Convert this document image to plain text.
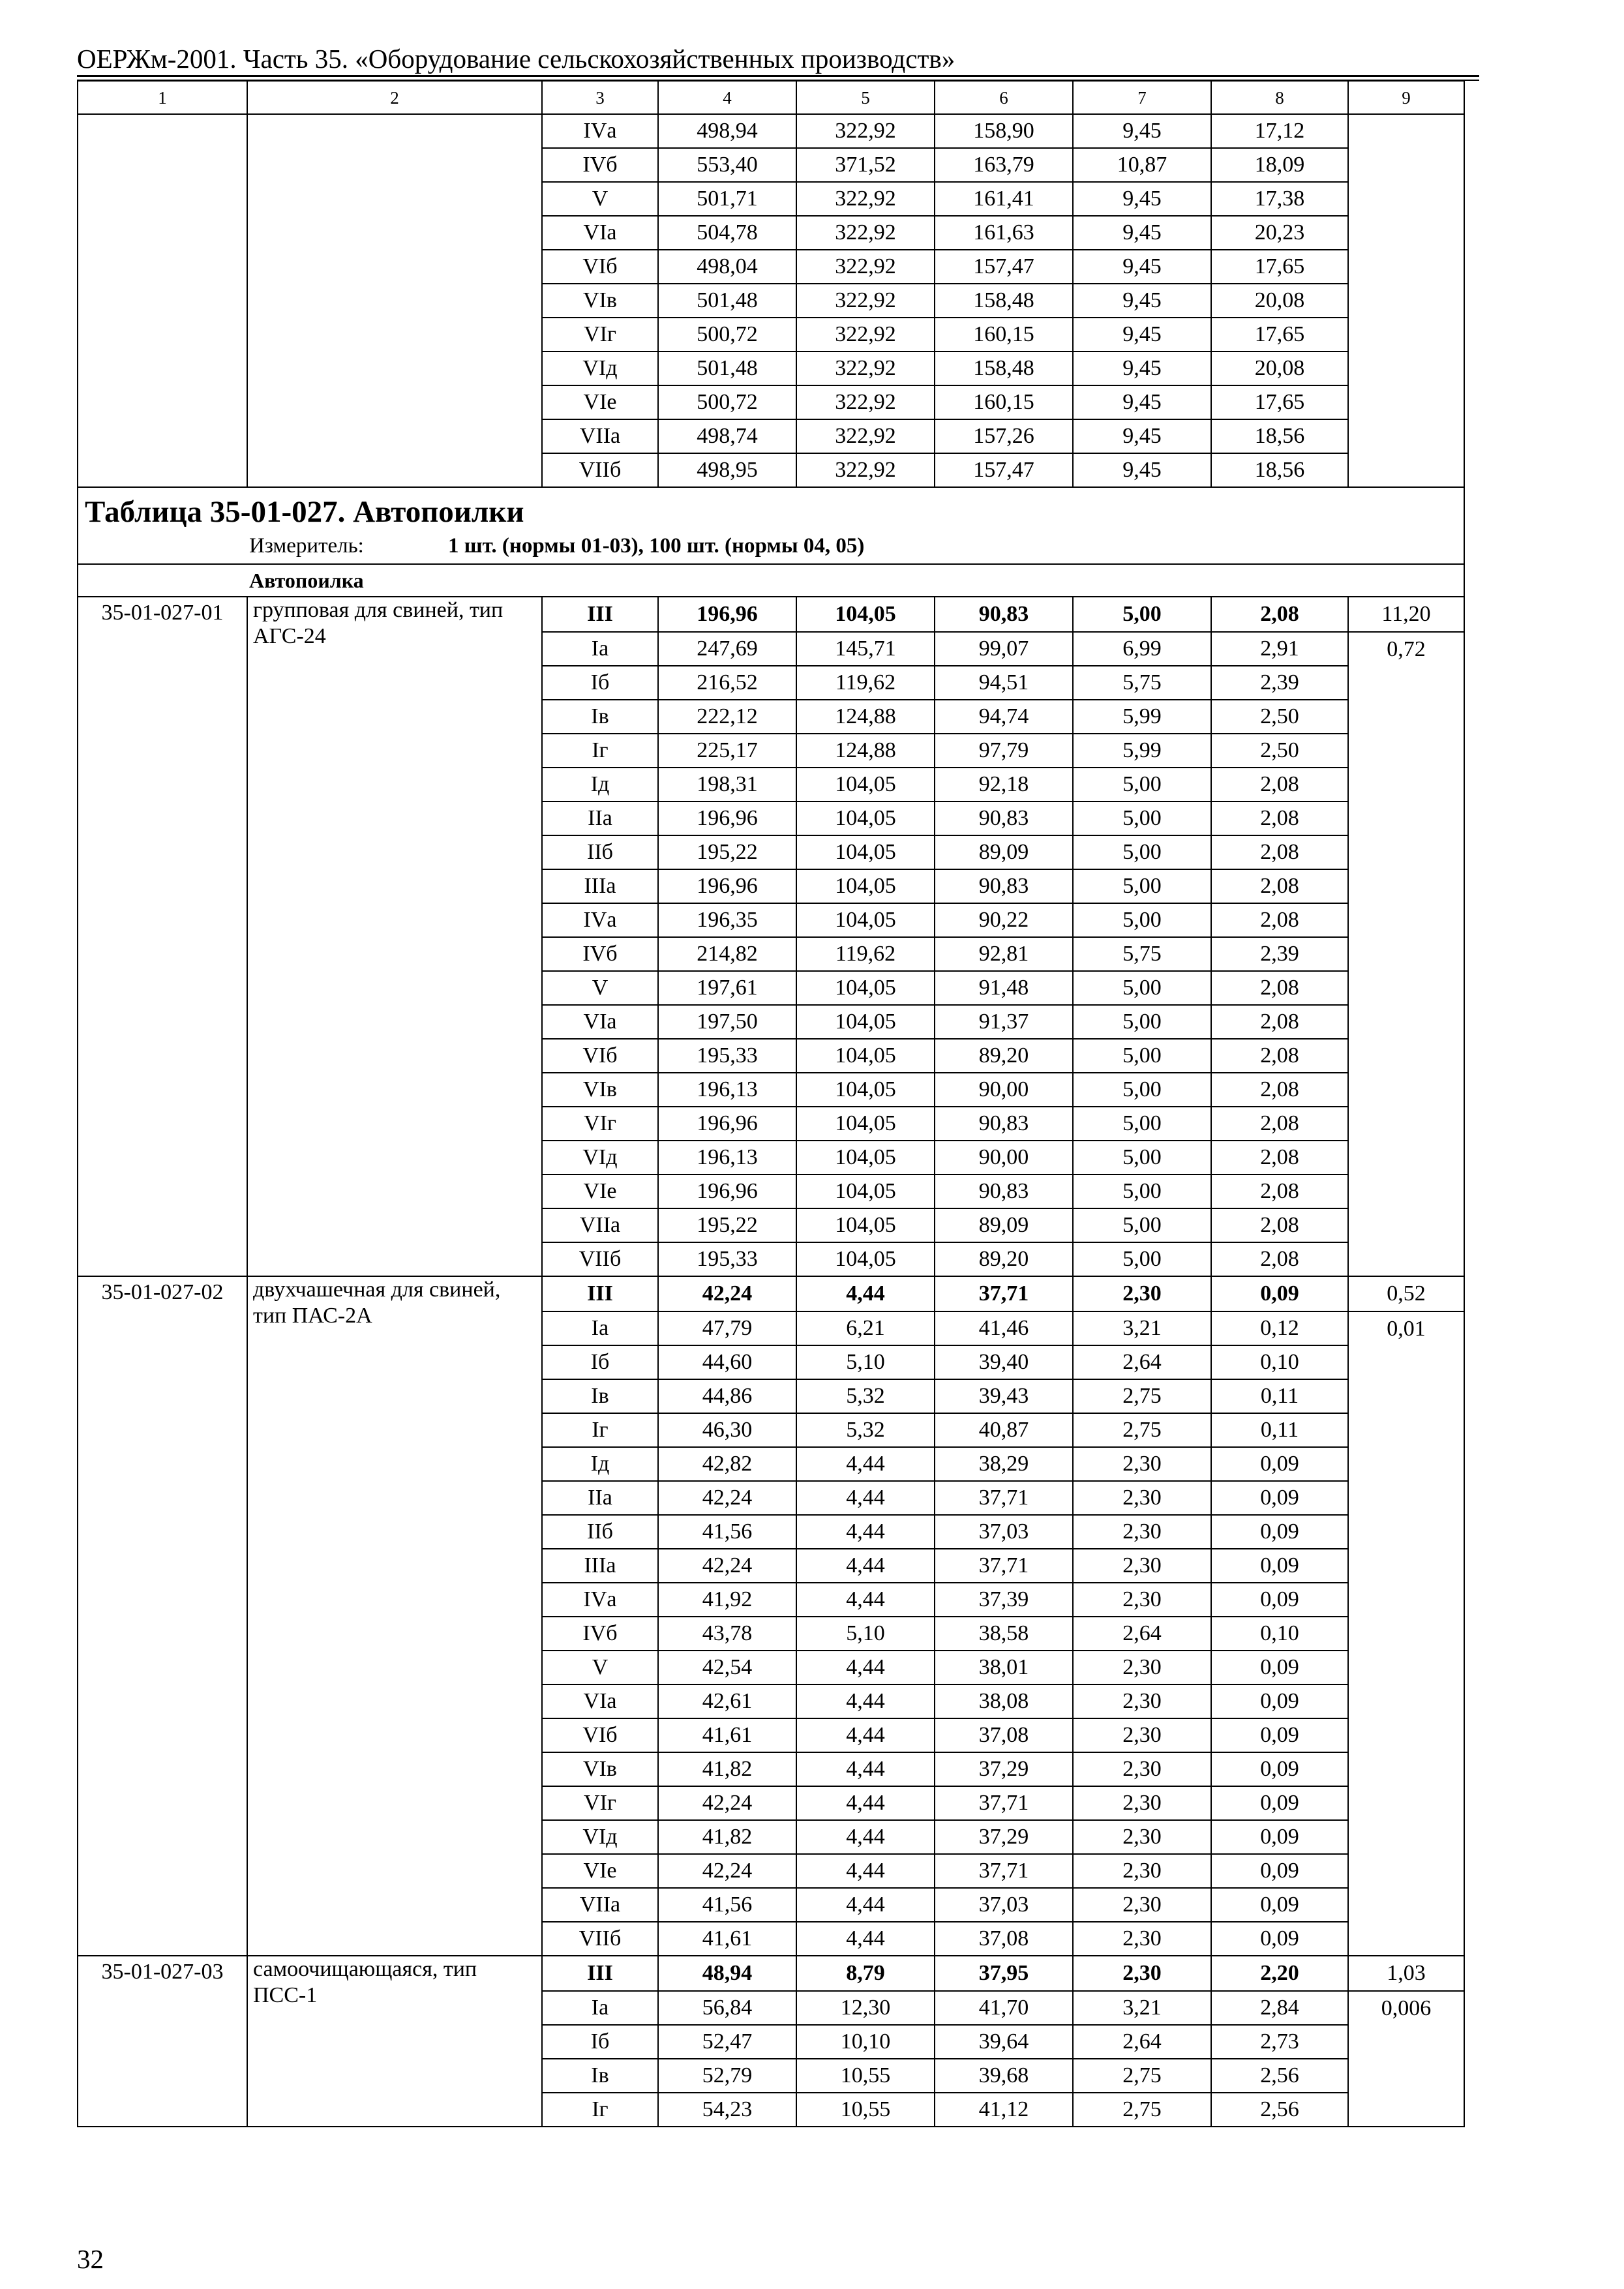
ОЕРЖм-2001. Часть 35. «Оборудование сельскохозяйственных производств»
1	2	3	4	5	6	7	8	9
		IVа	498,94	322,92	158,90	9,45	17,12	
		IVб	553,40	371,52	163,79	10,87	18,09	
		V	501,71	322,92	161,41	9,45	17,38	
		VIа	504,78	322,92	161,63	9,45	20,23	
		VIб	498,04	322,92	157,47	9,45	17,65	
		VIв	501,48	322,92	158,48	9,45	20,08	
		VIг	500,72	322,92	160,15	9,45	17,65	
		VIд	501,48	322,92	158,48	9,45	20,08	
		VIе	500,72	322,92	160,15	9,45	17,65	
		VIIа	498,74	322,92	157,26	9,45	18,56	
		VIIб	498,95	322,92	157,47	9,45	18,56	

Таблица 35-01-027. Автопоилки
Измеритель: 1 шт. (нормы 01-03), 100 шт. (нормы 04, 05)								

Автопоилка								
35-01-027-01	групповая для свиней, тип АГС-24	III	196,96	104,05	90,83	5,00	2,08	11,20
		Iа	247,69	145,71	99,07	6,99	2,91	0,72
		Iб	216,52	119,62	94,51	5,75	2,39	
		Iв	222,12	124,88	94,74	5,99	2,50	
		Iг	225,17	124,88	97,79	5,99	2,50	
		Iд	198,31	104,05	92,18	5,00	2,08	
		IIа	196,96	104,05	90,83	5,00	2,08	
		IIб	195,22	104,05	89,09	5,00	2,08	
		IIIа	196,96	104,05	90,83	5,00	2,08	
		IVа	196,35	104,05	90,22	5,00	2,08	
		IVб	214,82	119,62	92,81	5,75	2,39	
		V	197,61	104,05	91,48	5,00	2,08	
		VIа	197,50	104,05	91,37	5,00	2,08	
		VIб	195,33	104,05	89,20	5,00	2,08	
		VIв	196,13	104,05	90,00	5,00	2,08	
		VIг	196,96	104,05	90,83	5,00	2,08	
		VIд	196,13	104,05	90,00	5,00	2,08	
		VIе	196,96	104,05	90,83	5,00	2,08	
		VIIа	195,22	104,05	89,09	5,00	2,08	
		VIIб	195,33	104,05	89,20	5,00	2,08	
35-01-027-02	двухчашечная для свиней, тип ПАС-2А	III	42,24	4,44	37,71	2,30	0,09	0,52
		Iа	47,79	6,21	41,46	3,21	0,12	0,01
		Iб	44,60	5,10	39,40	2,64	0,10	
		Iв	44,86	5,32	39,43	2,75	0,11	
		Iг	46,30	5,32	40,87	2,75	0,11	
		Iд	42,82	4,44	38,29	2,30	0,09	
		IIа	42,24	4,44	37,71	2,30	0,09	
		IIб	41,56	4,44	37,03	2,30	0,09	
		IIIа	42,24	4,44	37,71	2,30	0,09	
		IVа	41,92	4,44	37,39	2,30	0,09	
		IVб	43,78	5,10	38,58	2,64	0,10	
		V	42,54	4,44	38,01	2,30	0,09	
		VIа	42,61	4,44	38,08	2,30	0,09	
		VIб	41,61	4,44	37,08	2,30	0,09	
		VIв	41,82	4,44	37,29	2,30	0,09	
		VIг	42,24	4,44	37,71	2,30	0,09	
		VIд	41,82	4,44	37,29	2,30	0,09	
		VIе	42,24	4,44	37,71	2,30	0,09	
		VIIа	41,56	4,44	37,03	2,30	0,09	
		VIIб	41,61	4,44	37,08	2,30	0,09	
35-01-027-03	самоочищающаяся, тип ПСС-1	III	48,94	8,79	37,95	2,30	2,20	1,03
		Iа	56,84	12,30	41,70	3,21	2,84	0,006
		Iб	52,47	10,10	39,64	2,64	2,73	
		Iв	52,79	10,55	39,68	2,75	2,56	
		Iг	54,23	10,55	41,12	2,75	2,56	
32
